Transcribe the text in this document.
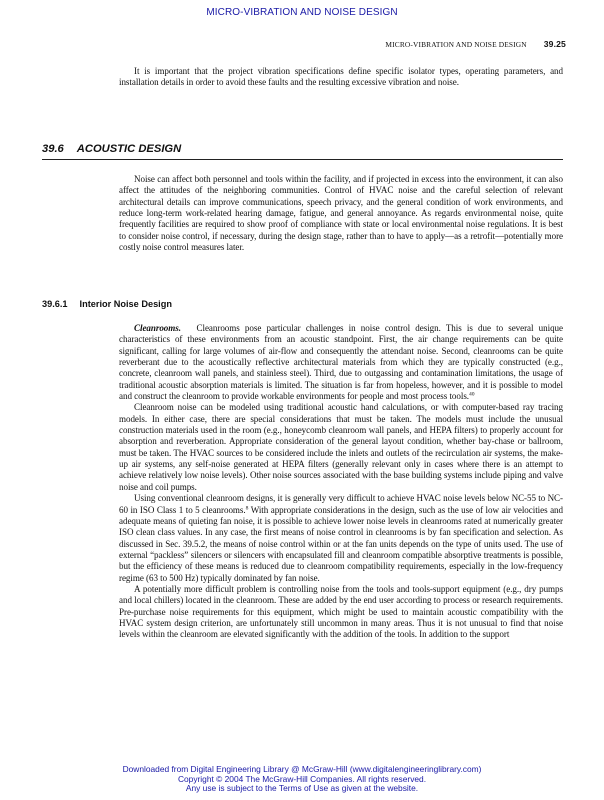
MICRO-VIBRATION AND NOISE DESIGN
MICRO-VIBRATION AND NOISE DESIGN 39.25

It is important that the project vibration specifications define specific isolator types, operating parameters, and installation details in order to avoid these faults and the resulting excessive vibration and noise.

39.6 ACOUSTIC DESIGN

Noise can affect both personnel and tools within the facility, and if projected in excess into the environment, it can also affect the attitudes of the neighboring communities. Control of HVAC noise and the careful selection of relevant architectural details can improve communications, speech privacy, and the general condition of work environments, and reduce long-term work-related hearing damage, fatigue, and general annoyance. As regards environmental noise, quite frequently facilities are required to show proof of compliance with state or local environmental noise regulations. It is best to consider noise control, if necessary, during the design stage, rather than to have to apply—as a retrofit—potentially more costly noise control measures later.

39.6.1 Interior Noise Design

Cleanrooms. Cleanrooms pose particular challenges in noise control design. This is due to several unique characteristics of these environments from an acoustic standpoint. First, the air change requirements can be quite significant, calling for large volumes of air-flow and consequently the attendant noise. Second, cleanrooms can be quite reverberant due to the acoustically reflective architectural materials from which they are typically constructed (e.g., concrete, cleanroom wall panels, and stainless steel). Third, due to outgassing and contamination limitations, the usage of traditional acoustic absorption materials is limited. The situation is far from hopeless, however, and it is possible to model and construct the cleanroom to provide workable environments for people and most process tools.$^{40}$

Cleanroom noise can be modeled using traditional acoustic hand calculations, or with computer-based ray tracing models. In either case, there are special considerations that must be taken. The models must include the unusual construction materials used in the room (e.g., honeycomb cleanroom wall panels, and HEPA filters) to properly account for absorption and reverberation. Appropriate consideration of the general layout condition, whether bay-chase or ballroom, must be taken. The HVAC sources to be considered include the inlets and outlets of the recirculation air systems, the make-up air systems, any self-noise generated at HEPA filters (generally relevant only in cases where there is an attempt to achieve relatively low noise levels). Other noise sources associated with the base building systems include piping and valve noise and coil pumps.

Using conventional cleanroom designs, it is generally very difficult to achieve HVAC noise levels below NC-55 to NC-60 in ISO Class 1 to 5 cleanrooms.$^8$ With appropriate considerations in the design, such as the use of low air velocities and adequate means of quieting fan noise, it is possible to achieve lower noise levels in cleanrooms rated at numerically greater ISO clean class values. In any case, the first means of noise control in cleanrooms is by fan specification and selection. As discussed in Sec. 39.5.2, the means of noise control within or at the fan units depends on the type of units used. The use of external “packless” silencers or silencers with encapsulated fill and cleanroom compatible absorptive treatments is possible, but the efficiency of these means is reduced due to cleanroom compatibility requirements, especially in the low-frequency regime (63 to 500 Hz) typically dominated by fan noise.

A potentially more difficult problem is controlling noise from the tools and tools-support equipment (e.g., dry pumps and local chillers) located in the cleanroom. These are added by the end user according to process or research requirements. Pre-purchase noise requirements for this equipment, which might be used to maintain acoustic compatibility with the HVAC system design criterion, are unfortunately still uncommon in many areas. Thus it is not unusual to find that noise levels within the cleanroom are elevated significantly with the addition of the tools. In addition to the support

Downloaded from Digital Engineering Library @ McGraw-Hill (www.digitalengineeringlibrary.com)
Copyright © 2004 The McGraw-Hill Companies. All rights reserved.
Any use is subject to the Terms of Use as given at the website.
